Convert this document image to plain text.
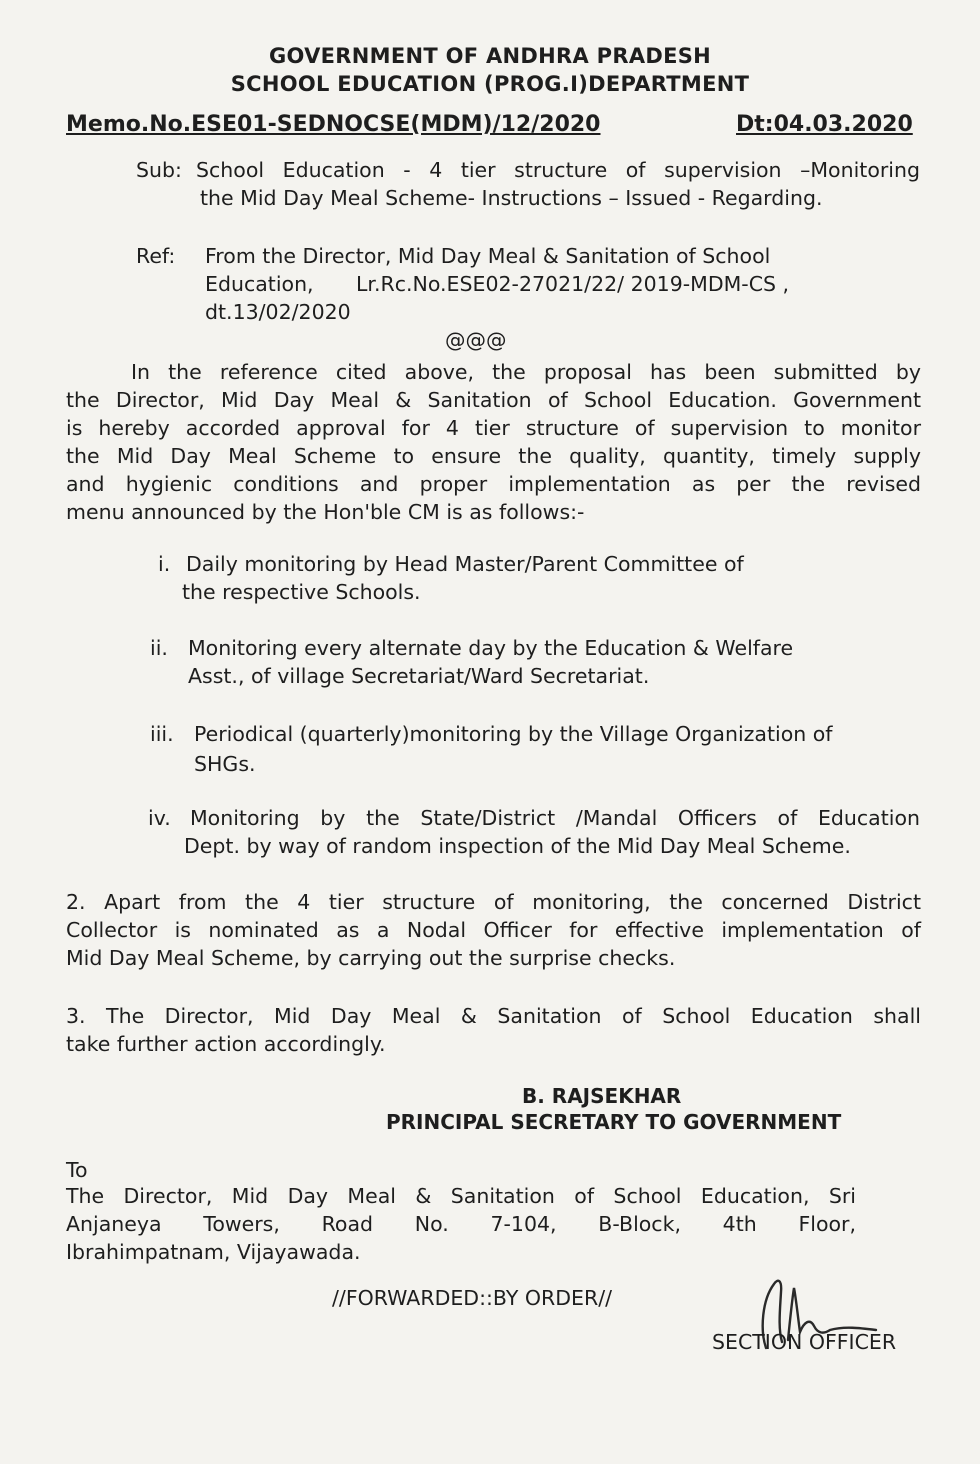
GOVERNMENT OF ANDHRA PRADESH
SCHOOL EDUCATION (PROG.I)DEPARTMENT
Memo.No.ESE01-SEDNOCSE(MDM)/12/2020	Dt:04.03.2020
Sub: School Education - 4 tier structure of supervision –Monitoring
the Mid Day Meal Scheme- Instructions – Issued - Regarding.
Ref: From the Director, Mid Day Meal & Sanitation of School
Education, Lr.Rc.No.ESE02-27021/22/ 2019-MDM-CS ,
dt.13/02/2020
@@@
In the reference cited above, the proposal has been submitted by
the Director, Mid Day Meal & Sanitation of School Education. Government
is hereby accorded approval for 4 tier structure of supervision to monitor
the Mid Day Meal Scheme to ensure the quality, quantity, timely supply
and hygienic conditions and proper implementation as per the revised
menu announced by the Hon'ble CM is as follows:-
i. Daily monitoring by Head Master/Parent Committee of
the respective Schools.
ii. Monitoring every alternate day by the Education & Welfare
Asst., of village Secretariat/Ward Secretariat.
iii. Periodical (quarterly)monitoring by the Village Organization of
SHGs.
iv. Monitoring by the State/District /Mandal Officers of Education
Dept. by way of random inspection of the Mid Day Meal Scheme.
2. Apart from the 4 tier structure of monitoring, the concerned District
Collector is nominated as a Nodal Officer for effective implementation of
Mid Day Meal Scheme, by carrying out the surprise checks.
3. The Director, Mid Day Meal & Sanitation of School Education shall
take further action accordingly.
B. RAJSEKHAR
PRINCIPAL SECRETARY TO GOVERNMENT
To
The Director, Mid Day Meal & Sanitation of School Education, Sri
Anjaneya Towers, Road No. 7-104, B-Block, 4th Floor,
Ibrahimpatnam, Vijayawada.
//FORWARDED::BY ORDER//
SECTION OFFICER
